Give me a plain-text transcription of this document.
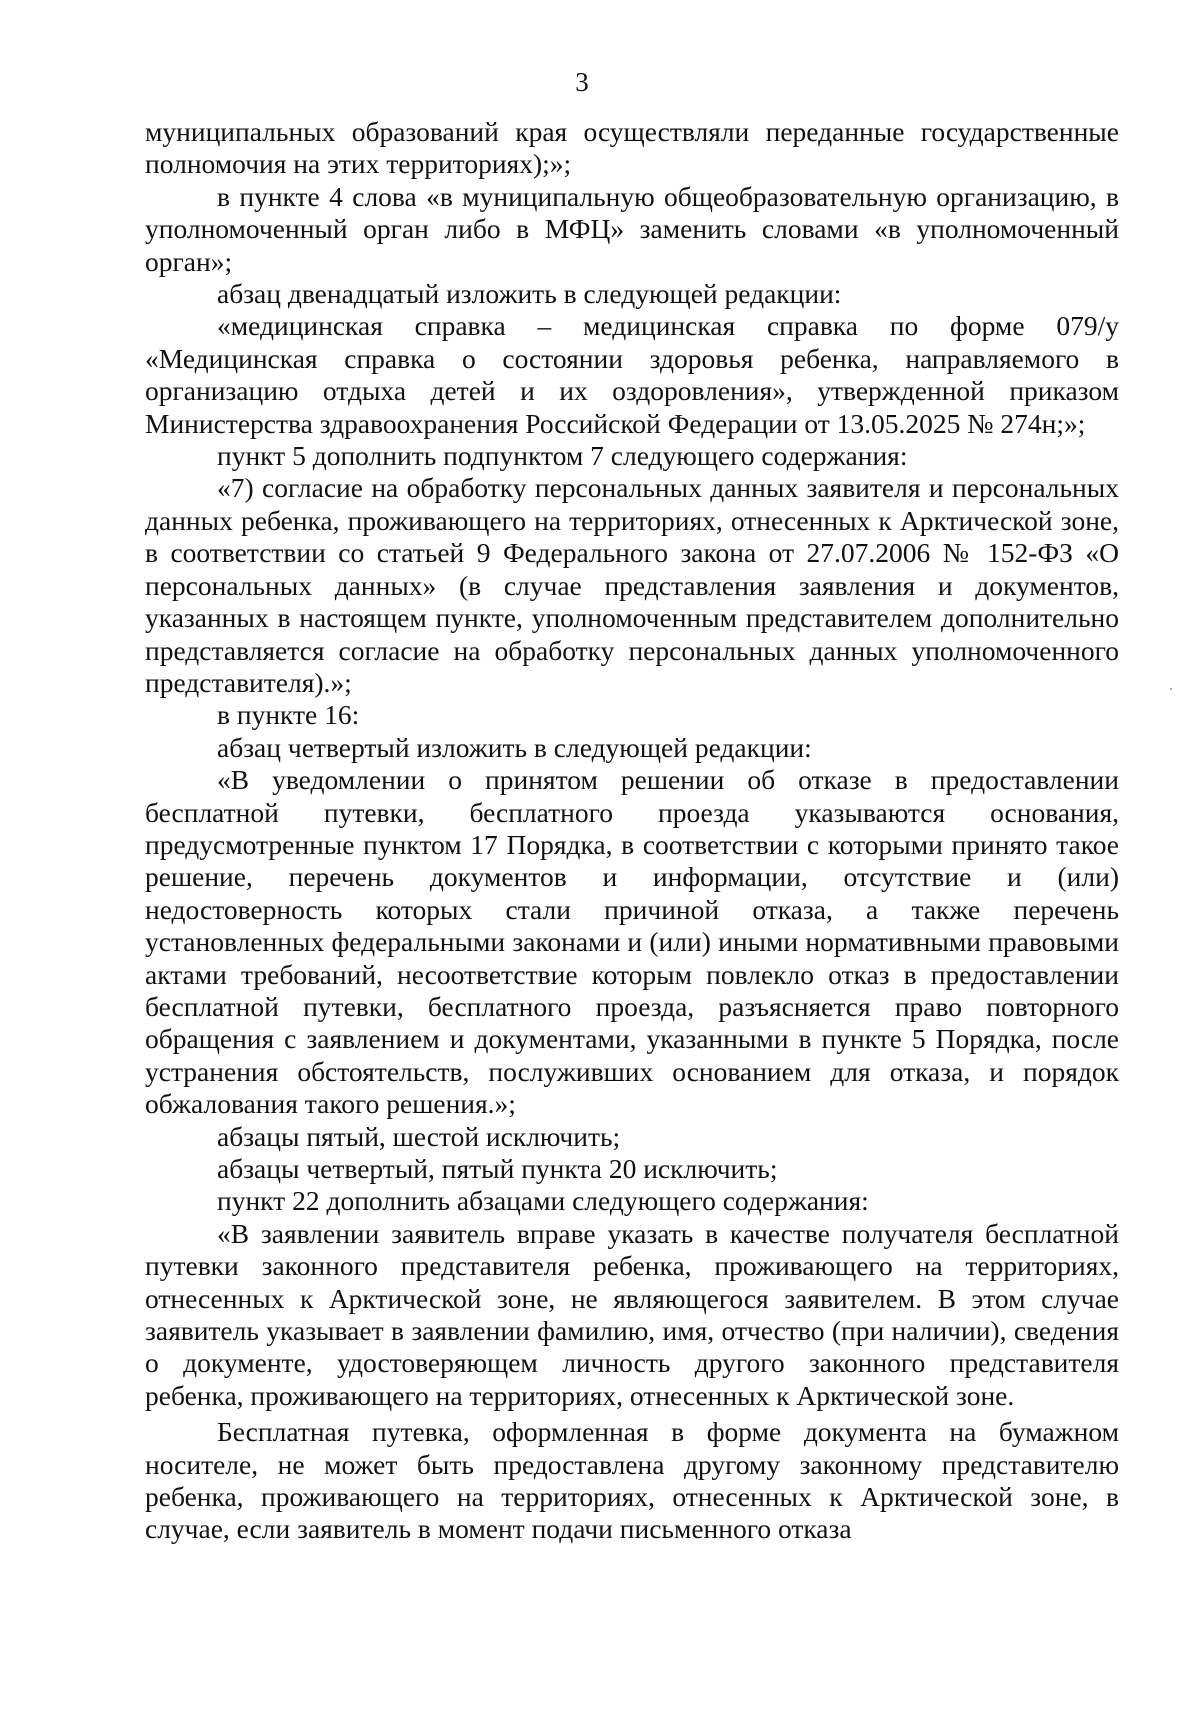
3

муниципальных образований края осуществляли переданные государственные полномочия на этих территориях);»;

в пункте 4 слова «в муниципальную общеобразовательную организацию, в уполномоченный орган либо в МФЦ» заменить словами «в уполномоченный орган»;

абзац двенадцатый изложить в следующей редакции:

«медицинская справка – медицинская справка по форме 079/у «Медицинская справка о состоянии здоровья ребенка, направляемого в организацию отдыха детей и их оздоровления», утвержденной приказом Министерства здравоохранения Российской Федерации от 13.05.2025 № 274н;»;

пункт 5 дополнить подпунктом 7 следующего содержания:

«7) согласие на обработку персональных данных заявителя и персональных данных ребенка, проживающего на территориях, отнесенных к Арктической зоне, в соответствии со статьей 9 Федерального закона от 27.07.2006 № 152-ФЗ «О персональных данных» (в случае представления заявления и документов, указанных в настоящем пункте, уполномоченным представителем дополнительно представляется согласие на обработку персональных данных уполномоченного представителя).»;

в пункте 16:

абзац четвертый изложить в следующей редакции:

«В уведомлении о принятом решении об отказе в предоставлении бесплатной путевки, бесплатного проезда указываются основания, предусмотренные пунктом 17 Порядка, в соответствии с которыми принято такое решение, перечень документов и информации, отсутствие и (или) недостоверность которых стали причиной отказа, а также перечень установленных федеральными законами и (или) иными нормативными правовыми актами требований, несоответствие которым повлекло отказ в предоставлении бесплатной путевки, бесплатного проезда, разъясняется право повторного обращения с заявлением и документами, указанными в пункте 5 Порядка, после устранения обстоятельств, послуживших основанием для отказа, и порядок обжалования такого решения.»;

абзацы пятый, шестой исключить;

абзацы четвертый, пятый пункта 20 исключить;

пункт 22 дополнить абзацами следующего содержания:

«В заявлении заявитель вправе указать в качестве получателя бесплатной путевки законного представителя ребенка, проживающего на территориях, отнесенных к Арктической зоне, не являющегося заявителем. В этом случае заявитель указывает в заявлении фамилию, имя, отчество (при наличии), сведения о документе, удостоверяющем личность другого законного представителя ребенка, проживающего на территориях, отнесенных к Арктической зоне.

Бесплатная путевка, оформленная в форме документа на бумажном носителе, не может быть предоставлена другому законному представителю ребенка, проживающего на территориях, отнесенных к Арктической зоне, в случае, если заявитель в момент подачи письменного отказа
